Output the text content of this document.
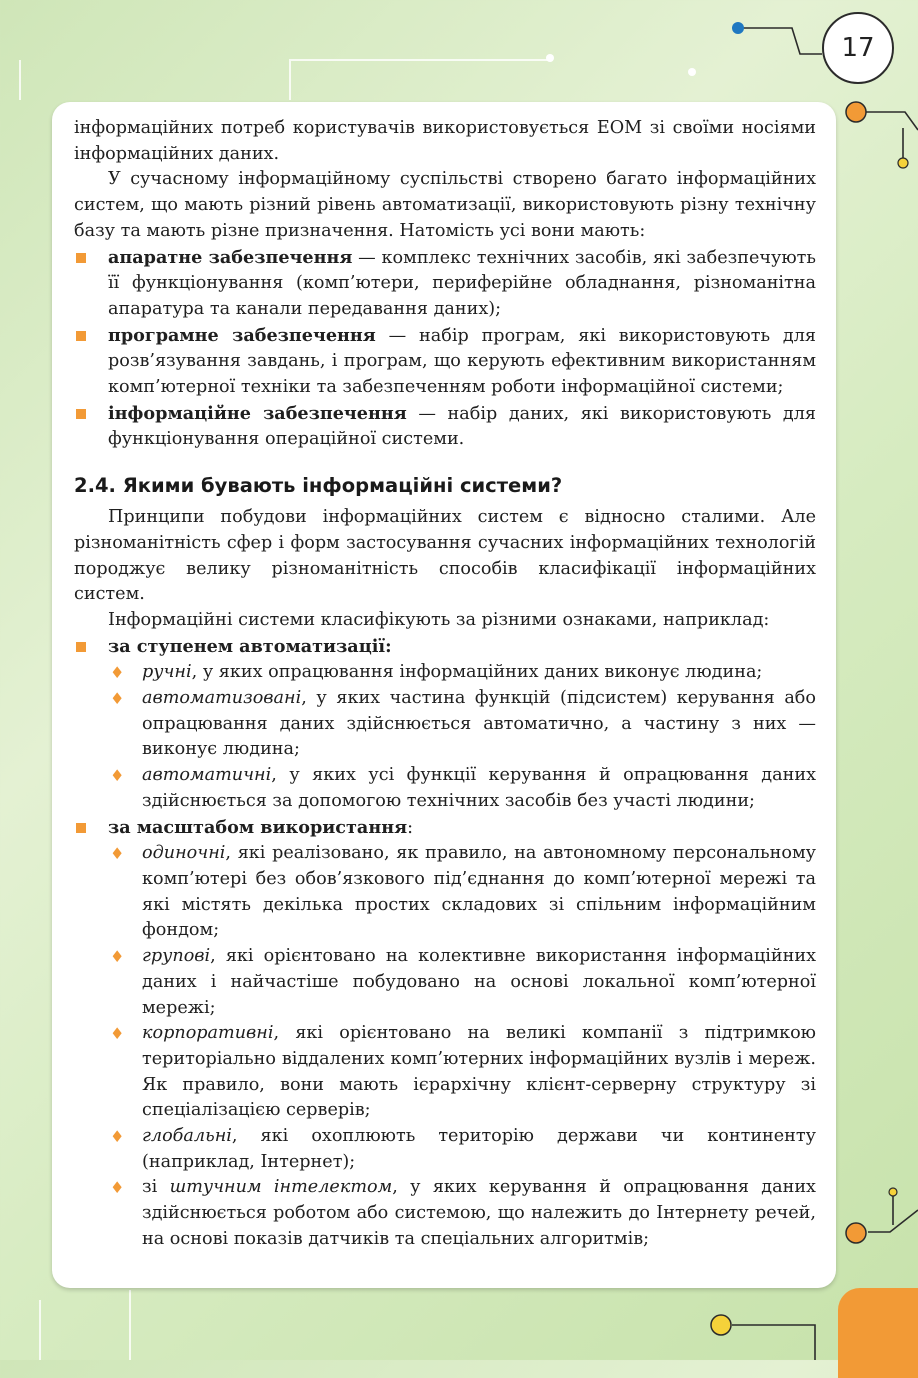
17

інформаційних потреб користувачів використовується ЕОМ зі своїми носіями інформаційних даних.

У сучасному інформаційному суспільстві створено багато інформаційних систем, що мають різний рівень автоматизації, використовують різну технічну базу та мають різне призначення. Натомість усі вони мають:

апаратне забезпечення — комплекс технічних засобів, які забезпечують її функціонування (комп’ютери, периферійне обладнання, різноманітна апаратура та канали передавання даних);
програмне забезпечення — набір програм, які використовують для розв’язування завдань, і програм, що керують ефективним використанням комп’ютерної техніки та забезпеченням роботи інформаційної системи;
інформаційне забезпечення — набір даних, які використовують для функціонування операційної системи.
2.4. Якими бувають інформаційні системи?

Принципи побудови інформаційних систем є відносно сталими. Але різноманітність сфер і форм застосування сучасних інформаційних технологій породжує велику різноманітність способів класифікації інформаційних систем.

Інформаційні системи класифікують за різними ознаками, наприклад:

за ступенем автоматизації:
♦ ручні, у яких опрацювання інформаційних даних виконує людина;
♦ автоматизовані, у яких частина функцій (підсистем) керування або опрацювання даних здійснюється автоматично, а частину з них — виконує людина;
♦ автоматичні, у яких усі функції керування й опрацювання даних здійснюється за допомогою технічних засобів без участі людини;
за масштабом використання:
♦ одиночні, які реалізовано, як правило, на автономному персональному комп’ютері без обов’язкового під’єднання до комп’ютерної мережі та які містять декілька простих складових зі спільним інформаційним фондом;
♦ групові, які орієнтовано на колективне використання інформаційних даних і найчастіше побудовано на основі локальної комп’ютерної мережі;
♦ корпоративні, які орієнтовано на великі компанії з підтримкою територіально віддалених комп’ютерних інформаційних вузлів і мереж. Як правило, вони мають ієрархічну клієнт-серверну структуру зі спеціалізацією серверів;
♦ глобальні, які охоплюють територію держави чи континенту (наприклад, Інтернет);
♦ зі штучним інтелектом, у яких керування й опрацювання даних здійснюється роботом або системою, що належить до Інтернету речей, на основі показів датчиків та спеціальних алгоритмів;
